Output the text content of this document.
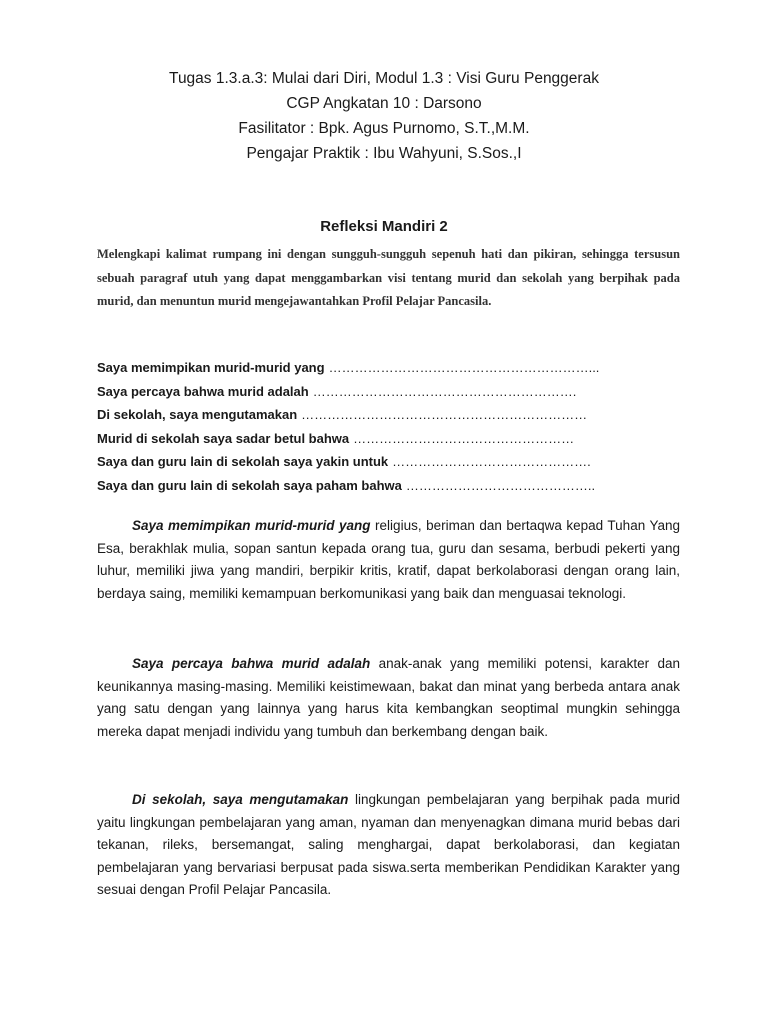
Tugas 1.3.a.3: Mulai dari Diri, Modul 1.3 : Visi Guru Penggerak
CGP Angkatan 10 : Darsono
Fasilitator : Bpk. Agus Purnomo, S.T.,M.M.
Pengajar Praktik : Ibu Wahyuni, S.Sos.,I
Refleksi Mandiri 2
Melengkapi kalimat rumpang ini dengan sungguh-sungguh sepenuh hati dan pikiran, sehingga tersusun sebuah paragraf utuh yang dapat menggambarkan visi tentang murid dan sekolah yang berpihak pada murid, dan menuntun murid mengejawantahkan Profil Pelajar Pancasila.
Saya memimpikan murid-murid yang ……………………………………………………...
Saya percaya bahwa murid adalah …………………………………………………….
Di sekolah, saya mengutamakan …………………………………………………………
Murid di sekolah saya sadar betul bahwa ……………………………………………
Saya dan guru lain di sekolah saya yakin untuk ……………………………………….
Saya dan guru lain di sekolah saya paham bahwa ……………………………………..
Saya memimpikan murid-murid yang religius, beriman dan bertaqwa kepad Tuhan Yang Esa, berakhlak mulia, sopan santun kepada orang tua, guru dan sesama, berbudi pekerti yang luhur, memiliki jiwa yang mandiri, berpikir kritis, kratif, dapat berkolaborasi dengan orang lain, berdaya saing, memiliki kemampuan berkomunikasi yang baik dan menguasai teknologi.
Saya percaya bahwa murid adalah anak-anak yang memiliki potensi, karakter dan keunikannya masing-masing. Memiliki keistimewaan, bakat dan minat yang berbeda antara anak yang satu dengan yang lainnya yang harus kita kembangkan seoptimal mungkin sehingga mereka dapat menjadi individu yang tumbuh dan berkembang dengan baik.
Di sekolah, saya mengutamakan lingkungan pembelajaran yang berpihak pada murid yaitu lingkungan pembelajaran yang aman, nyaman dan menyenagkan dimana murid bebas dari tekanan, rileks, bersemangat, saling menghargai, dapat berkolaborasi, dan kegiatan pembelajaran yang bervariasi berpusat pada siswa.serta memberikan Pendidikan Karakter yang sesuai dengan Profil Pelajar Pancasila.
